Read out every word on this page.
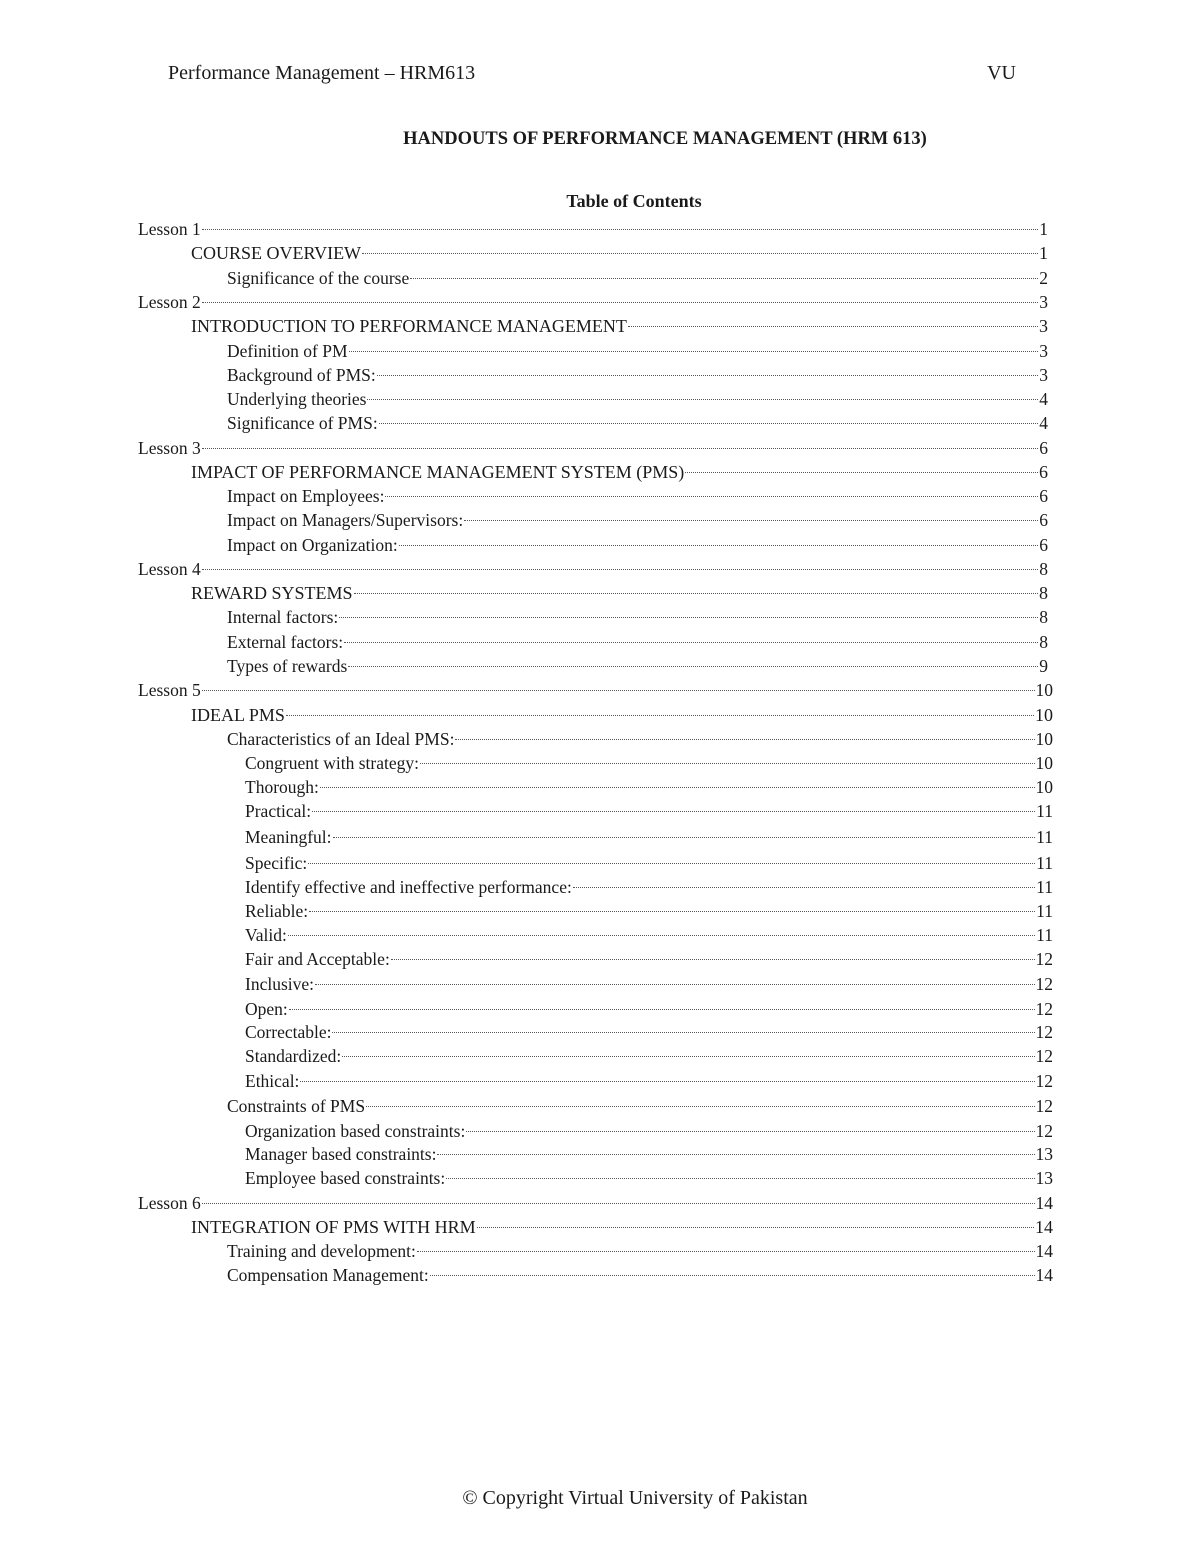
Performance Management – HRM613	VU
HANDOUTS OF PERFORMANCE MANAGEMENT (HRM 613)
Table of Contents
Lesson 1	1
COURSE OVERVIEW	1
Significance of the course	2
Lesson 2	3
INTRODUCTION TO PERFORMANCE MANAGEMENT	3
Definition of PM	3
Background of PMS:	3
Underlying theories	4
Significance of PMS:	4
Lesson 3	6
IMPACT OF PERFORMANCE MANAGEMENT SYSTEM (PMS)	6
Impact on Employees:	6
Impact on Managers/Supervisors:	6
Impact on Organization:	6
Lesson 4	8
REWARD SYSTEMS	8
Internal factors:	8
External factors:	8
Types of rewards	9
Lesson 5	10
IDEAL PMS	10
Characteristics of an Ideal PMS:	10
Congruent with strategy:	10
Thorough:	10
Practical:	11
Meaningful:	11
Specific:	11
Identify effective and ineffective performance:	11
Reliable:	11
Valid:	11
Fair and Acceptable:	12
Inclusive:	12
Open:	12
Correctable:	12
Standardized:	12
Ethical:	12
Constraints of PMS	12
Organization based constraints:	12
Manager based constraints:	13
Employee based constraints:	13
Lesson 6	14
INTEGRATION OF PMS WITH HRM	14
Training and development:	14
Compensation Management:	14
© Copyright Virtual University of Pakistan
